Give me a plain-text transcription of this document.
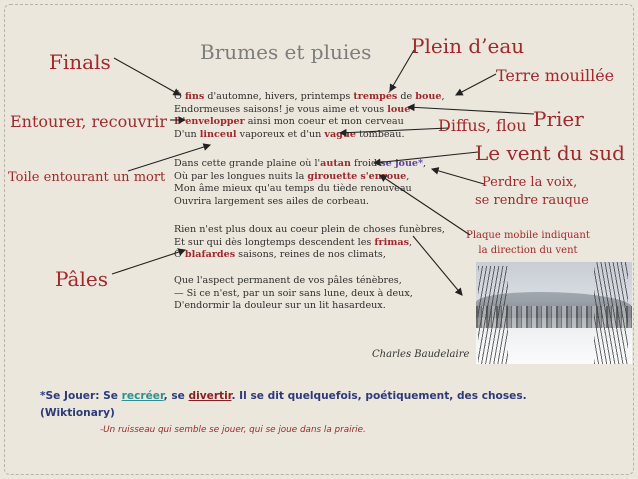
Brumes et pluies
Finals
Plein d’eau
Terre mouillée
Entourer, recouvrir	Prier
Diffus, flou
Le vent du sud
Toile entourant un mort	Perdre la voix,
se rendre rauque
Plaque mobile indiquant
la direction du vent
Pâles
Ô fins d'automne, hivers, printemps trempés de boue,
Endormeuses saisons! je vous aime et vous loue
D'envelopper ainsi mon coeur et mon cerveau
D'un linceul vaporeux et d'un vague tombeau.
Dans cette grande plaine où l'autan froid se joue*,
Où par les longues nuits la girouette s'enroue,
Mon âme mieux qu'au temps du tiède renouveau
Ouvrira largement ses ailes de corbeau.
Rien n'est plus doux au coeur plein de choses funèbres,
Et sur qui dès longtemps descendent les frimas,
Ô blafardes saisons, reines de nos climats,
Que l'aspect permanent de vos pâles ténèbres,
— Si ce n'est, par un soir sans lune, deux à deux,
D'endormir la douleur sur un lit hasardeux.
Charles Baudelaire
*Se Jouer: Se recréer, se divertir. Il se dit quelquefois, poétiquement, des choses.
(Wiktionary)
-Un ruisseau qui semble se jouer, qui se joue dans la prairie.
